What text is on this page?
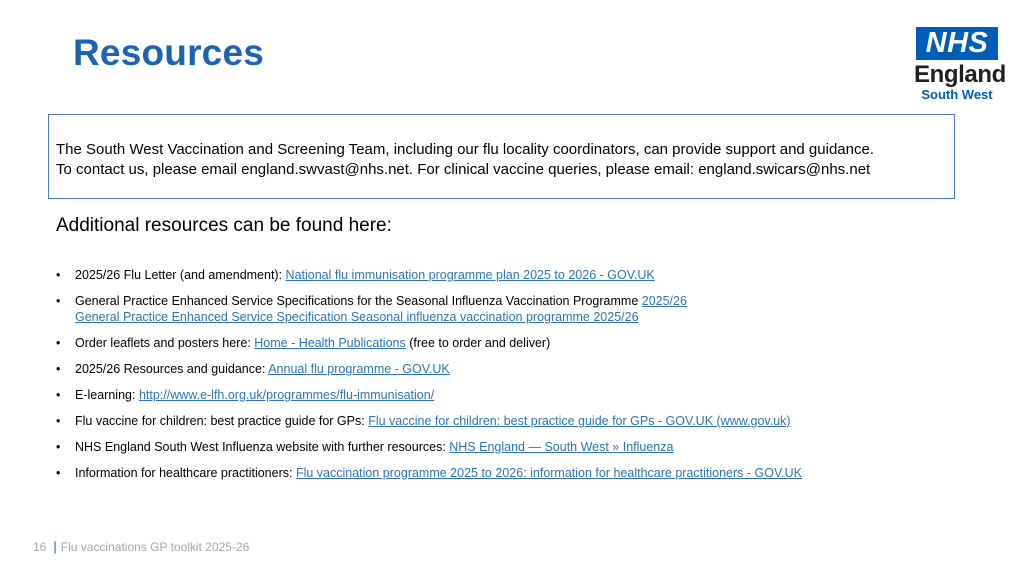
Resources	NHS
England
South West
The South West Vaccination and Screening Team, including our flu locality coordinators, can provide support and guidance.
To contact us, please email england.swvast@nhs.net. For clinical vaccine queries, please email: england.swicars@nhs.net
Additional resources can be found here:
• 2025/26 Flu Letter (and amendment): National flu immunisation programme plan 2025 to 2026 - GOV.UK
• General Practice Enhanced Service Specifications for the Seasonal Influenza Vaccination Programme 2025/26
General Practice Enhanced Service Specification Seasonal influenza vaccination programme 2025/26
• Order leaflets and posters here: Home - Health Publications (free to order and deliver)
• 2025/26 Resources and guidance: Annual flu programme - GOV.UK
• E-learning: http://www.e-lfh.org.uk/programmes/flu-immunisation/
• Flu vaccine for children: best practice guide for GPs: Flu vaccine for children: best practice guide for GPs - GOV.UK (www.gov.uk)
• NHS England South West Influenza website with further resources: NHS England — South West » Influenza
• Information for healthcare practitioners: Flu vaccination programme 2025 to 2026: information for healthcare practitioners - GOV.UK
16 | Flu vaccinations GP toolkit 2025-26
